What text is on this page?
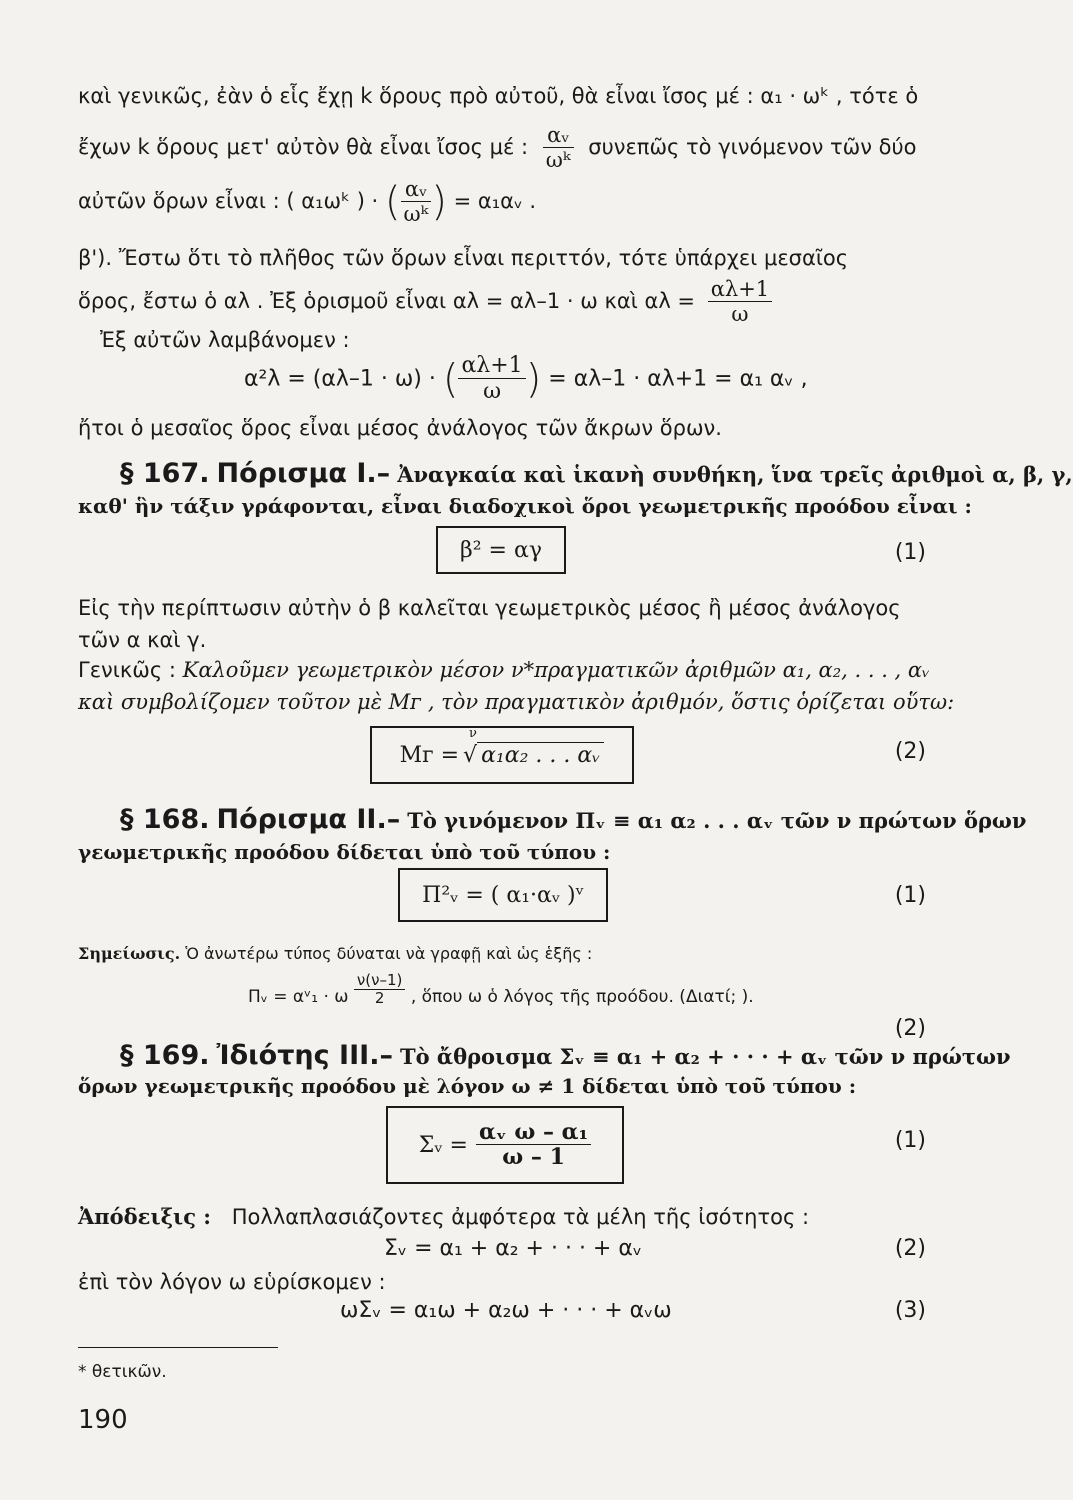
καὶ γενικῶς, ἐὰν ὁ εἷς ἔχῃ k ὅρους πρὸ αὐτοῦ, θὰ εἶναι ἴσος μέ : α₁ · ωᵏ , τότε ὁ
ἔχων k ὅρους μετ' αὐτὸν θὰ εἶναι ἴσος μέ : $\frac{\text{αᵥ}}{\text{ωᵏ}}$ συνεπῶς τὸ γινόμενον τῶν δύο
αὐτῶν ὅρων εἶναι : ( α₁ωᵏ ) · ( $\frac{\text{αᵥ}}{\text{ωᵏ}}$ ) = α₁αᵥ .
β'). Ἔστω ὅτι τὸ πλῆθος τῶν ὅρων εἶναι περιττόν, τότε ὑπάρχει μεσαῖος
ὅρος, ἔστω ὁ αλ . Ἐξ ὁρισμοῦ εἶναι αλ = αλ–1 · ω καὶ $\alpha\lambda = \frac{\alpha\lambda+1}{\omega}$
Ἐξ αὐτῶν λαμβάνομεν :
α²λ = (αλ–1 · ω) · ( $\frac{\alpha\lambda+1}{\omega}$ ) = αλ–1 · αλ+1 = α₁ αᵥ ,
ἤτοι ὁ μεσαῖος ὅρος εἶναι μέσος ἀνάλογος τῶν ἄκρων ὅρων.
§ 167. Πόρισμα I.– Ἀναγκαία καὶ ἱκανὴ συνθήκη, ἵνα τρεῖς ἀριθμοὶ α, β, γ,
καθ' ἣν τάξιν γράφονται, εἶναι διαδοχικοὶ ὅροι γεωμετρικῆς προόδου εἶναι :
β² = αγ	(1)
Εἰς τὴν περίπτωσιν αὐτὴν ὁ β καλεῖται γεωμετρικὸς μέσος ἢ μέσος ἀνάλογος
τῶν α καὶ γ.
Γενικῶς : Καλοῦμεν γεωμετρικὸν μέσον ν*πραγματικῶν ἀριθμῶν α₁, α₂, . . . , αᵥ
καὶ συμβολίζομεν τοῦτον μὲ Mᴦ , τὸν πραγματικὸν ἀριθμόν, ὅστις ὁρίζεται οὕτω:
Mᴦ =
ν
√ α₁α₂ . . . αᵥ	(2)
§ 168. Πόρισμα II.– Τὸ γινόμενον Πᵥ ≡ α₁ α₂ . . . αᵥ τῶν ν πρώτων ὅρων
γεωμετρικῆς προόδου δίδεται ὑπὸ τοῦ τύπου :
Π²ᵥ = ( α₁·αᵥ )ᵛ	(1)
Σημείωσις. Ὁ ἀνωτέρω τύπος δύναται νὰ γραφῇ καὶ ὡς ἑξῆς :
Πᵥ = αᵛ₁ · ω $\frac{\nu(\nu-1)}{2}$ , ὅπου ω ὁ λόγος τῆς προόδου. (Διατί; ).
(2)
§ 169. Ἰδιότης III.– Τὸ ἄθροισμα Σᵥ ≡ α₁ + α₂ + · · · + αᵥ τῶν ν πρώτων
ὅρων γεωμετρικῆς προόδου μὲ λόγον ω ≠ 1 δίδεται ὑπὸ τοῦ τύπου :
Σᵥ = $\frac{\text{αᵥ ω – α₁}}{\omega - 1}$	(1)
Ἀπόδειξις : Πολλαπλασιάζοντες ἀμφότερα τὰ μέλη τῆς ἰσότητος :
Σᵥ = α₁ + α₂ + · · · + αᵥ	(2)
ἐπὶ τὸν λόγον ω εὑρίσκομεν :
ωΣᵥ = α₁ω + α₂ω + · · · + αᵥω	(3)
* θετικῶν.
190
